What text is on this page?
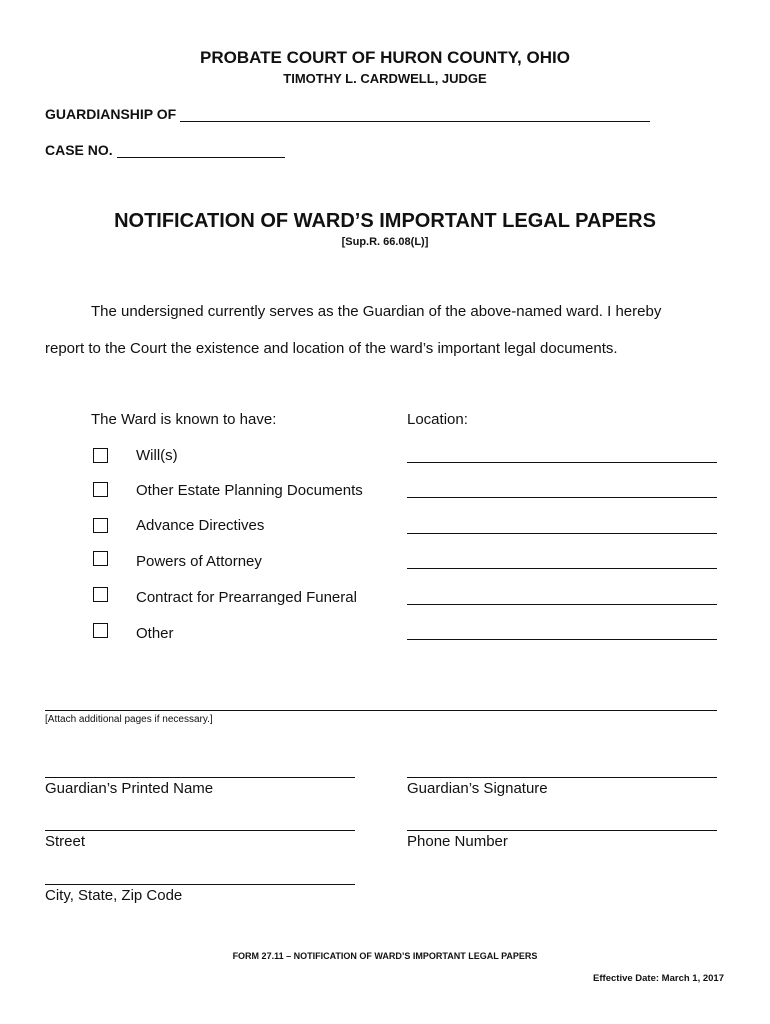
PROBATE COURT OF HURON COUNTY, OHIO
TIMOTHY L. CARDWELL, JUDGE
GUARDIANSHIP OF
CASE NO.
NOTIFICATION OF WARD’S IMPORTANT LEGAL PAPERS
[Sup.R. 66.08(L)]
The undersigned currently serves as the Guardian of the above-named ward. I hereby
report to the Court the existence and location of the ward’s important legal documents.
The Ward is known to have:	Location:
Will(s)
Other Estate Planning Documents
Advance Directives
Powers of Attorney
Contract for Prearranged Funeral
Other
[Attach additional pages if necessary.]
Guardian’s Printed Name	Guardian’s Signature
Street	Phone Number
City, State, Zip Code
FORM 27.11 – NOTIFICATION OF WARD’S IMPORTANT LEGAL PAPERS
Effective Date: March 1, 2017
